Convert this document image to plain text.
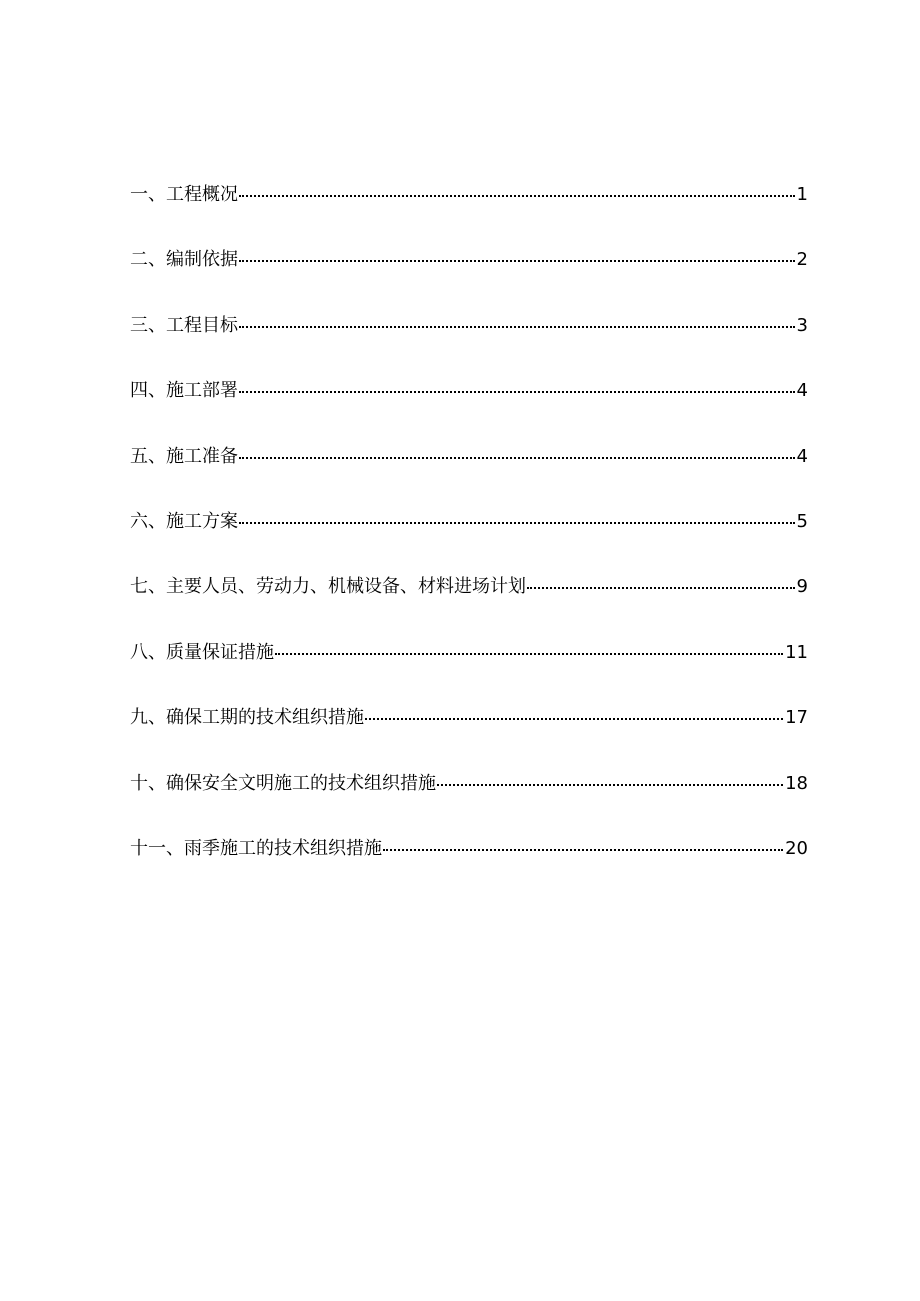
一、工程概况	1
二、编制依据	2
三、工程目标	3
四、施工部署	4
五、施工准备	4
六、施工方案	5
七、主要人员、劳动力、机械设备、材料进场计划	9
八、质量保证措施	11
九、确保工期的技术组织措施	17
十、确保安全文明施工的技术组织措施	18
十一、雨季施工的技术组织措施	20
